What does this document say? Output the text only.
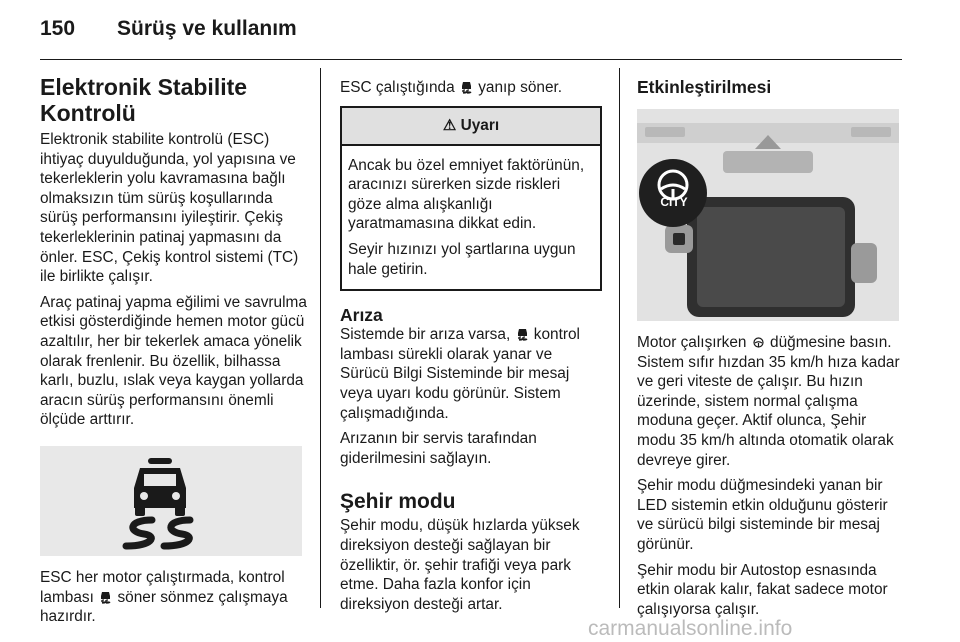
150 Sürüş ve kullanım
Elektronik Stabilite
Kontrolü

Elektronik stabilite kontrolü (ESC) ihtiyaç duyulduğunda, yol yapısına ve tekerleklerin yolu kavramasına bağlı olmaksızın tüm sürüş koşullarında sürüş performansını iyileştirir. Çekiş tekerleklerinin patinaj yapmasını da önler. ESC, Çekiş kontrol sistemi (TC) ile birlikte çalışır.

Araç patinaj yapma eğilimi ve savrulma etkisi gösterdiğinde hemen motor gücü azaltılır, her bir tekerlek amaca yönelik olarak frenlenir. Bu özellik, bilhassa karlı, buzlu, ıslak veya kaygan yollarda aracın sürüş performansını önemli ölçüde arttırır.

ESC her motor çalıştırmada, kontrol lambası söner sönmez çalışmaya hazırdır.

ESC çalıştığında yanıp söner.

⚠ Uyarı

Ancak bu özel emniyet faktörünün, aracınızı sürerken sizde riskleri göze alma alışkanlığı yaratmamasına dikkat edin.

Seyir hızınızı yol şartlarına uygun hale getirin.

Arıza

Sistemde bir arıza varsa, kontrol lambası sürekli olarak yanar ve Sürücü Bilgi Sisteminde bir mesaj veya uyarı kodu görünür. Sistem çalışmadığında.

Arızanın bir servis tarafından giderilmesini sağlayın.

Şehir modu

Şehir modu, düşük hızlarda yüksek direksiyon desteği sağlayan bir özelliktir, ör. şehir trafiği veya park etme. Daha fazla konfor için direksiyon desteği artar.

Etkinleştirilmesi
CITY

Motor çalışırken düğmesine basın. Sistem sıfır hızdan 35 km/h hıza kadar ve geri viteste de çalışır. Bu hızın üzerinde, sistem normal çalışma moduna geçer. Aktif olunca, Şehir modu 35 km/h altında otomatik olarak devreye girer.

Şehir modu düğmesindeki yanan bir LED sistemin etkin olduğunu gösterir ve sürücü bilgi sisteminde bir mesaj görünür.

Şehir modu bir Autostop esnasında etkin olarak kalır, fakat sadece motor çalışıyorsa çalışır.

carmanualsonline.info
